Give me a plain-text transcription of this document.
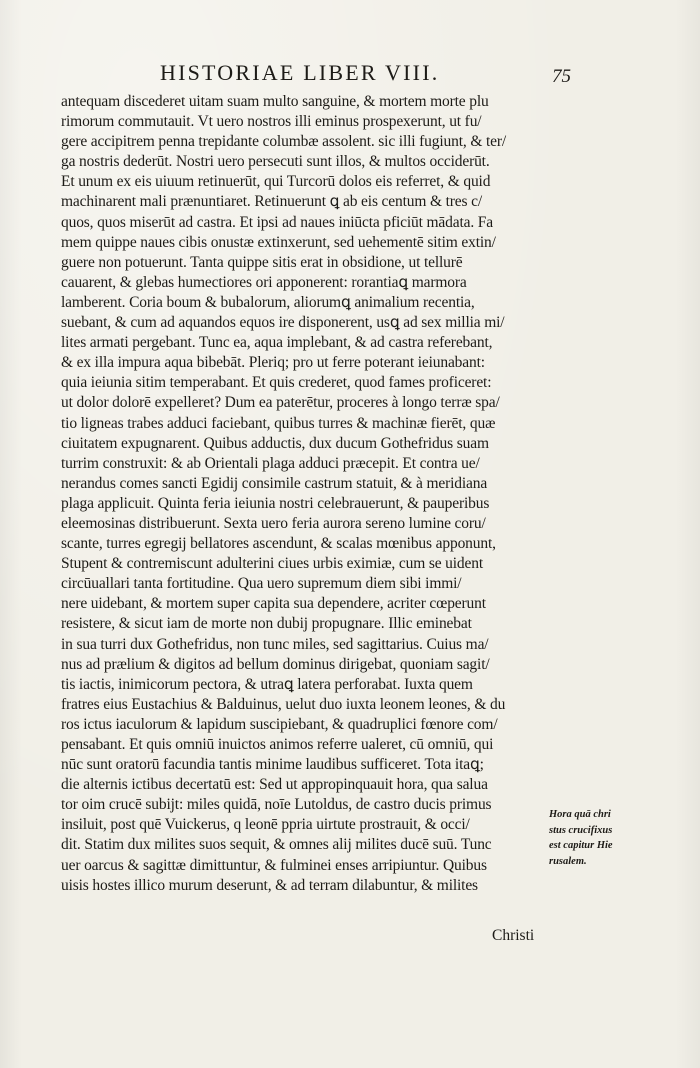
HISTORIAE LIBER VIII.	75
antequam discederet uitam suam multo sanguine, & mortem morte plu
rimorum commutauit. Vt uero nostros illi eminus prospexerunt, ut fu/
gere accipitrem penna trepidante columbæ assolent. sic illi fugiunt, & ter/
ga nostris dederūt. Nostri uero persecuti sunt illos, & multos occiderūt.
Et unum ex eis uiuum retinuerūt, qui Turcorū dolos eis referret, & quid
machinarent mali prænuntiaret. Retinuerunt ꝗ ab eis centum & tres c/
quos, quos miserūt ad castra. Et ipsi ad naues iniūcta pficiūt mādata. Fa
mem quippe naues cibis onustæ extinxerunt, sed uehementē sitim extin/
guere non potuerunt. Tanta quippe sitis erat in obsidione, ut tellurē
cauarent, & glebas humectiores ori apponerent: rorantiaꝗ marmora
lamberent. Coria boum & bubalorum, aliorumꝗ animalium recentia,
suebant, & cum ad aquandos equos ire disponerent, usꝗ ad sex millia mi/
lites armati pergebant. Tunc ea, aqua implebant, & ad castra referebant,
& ex illa impura aqua bibebāt. Pleriq; pro ut ferre poterant ieiunabant:
quia ieiunia sitim temperabant. Et quis crederet, quod fames proficeret:
ut dolor dolorē expelleret? Dum ea paterētur, proceres à longo terræ spa/
tio ligneas trabes adduci faciebant, quibus turres & machinæ fierēt, quæ
ciuitatem expugnarent. Quibus adductis, dux ducum Gothefridus suam
turrim construxit: & ab Orientali plaga adduci præcepit. Et contra ue/
nerandus comes sancti Egidij consimile castrum statuit, & à meridiana
plaga applicuit. Quinta feria ieiunia nostri celebrauerunt, & pauperibus
eleemosinas distribuerunt. Sexta uero feria aurora sereno lumine coru/
scante, turres egregij bellatores ascendunt, & scalas mœnibus apponunt,
Stupent & contremiscunt adulterini ciues urbis eximiæ, cum se uident
circūuallari tanta fortitudine. Qua uero supremum diem sibi immi/
nere uidebant, & mortem super capita sua dependere, acriter cœperunt
resistere, & sicut iam de morte non dubij propugnare. Illic eminebat
in sua turri dux Gothefridus, non tunc miles, sed sagittarius. Cuius ma/
nus ad prælium & digitos ad bellum dominus dirigebat, quoniam sagit/
tis iactis, inimicorum pectora, & utraꝗ latera perforabat. Iuxta quem
fratres eius Eustachius & Balduinus, uelut duo iuxta leonem leones, & du
ros ictus iaculorum & lapidum suscipiebant, & quadruplici fœnore com/
pensabant. Et quis omniū inuictos animos referre ualeret, cū omniū, qui
nūc sunt oratorū facundia tantis minime laudibus sufficeret. Tota itaꝗ;
die alternis ictibus decertatū est: Sed ut appropinquauit hora, qua salua
tor oim crucē subijt: miles quidā, noīe Lutoldus, de castro ducis primus
insiluit, post quē Vuickerus, q leonē ppria uirtute prostrauit, & occi/
dit. Statim dux milites suos sequit, & omnes alij milites ducē suū. Tunc
uer oarcus & sagittæ dimittuntur, & fulminei enses arripiuntur. Quibus
uisis hostes illico murum deserunt, & ad terram dilabuntur, & milites
Hora quā chri
stus crucifixus
est capitur Hie
rusalem.
Christi
